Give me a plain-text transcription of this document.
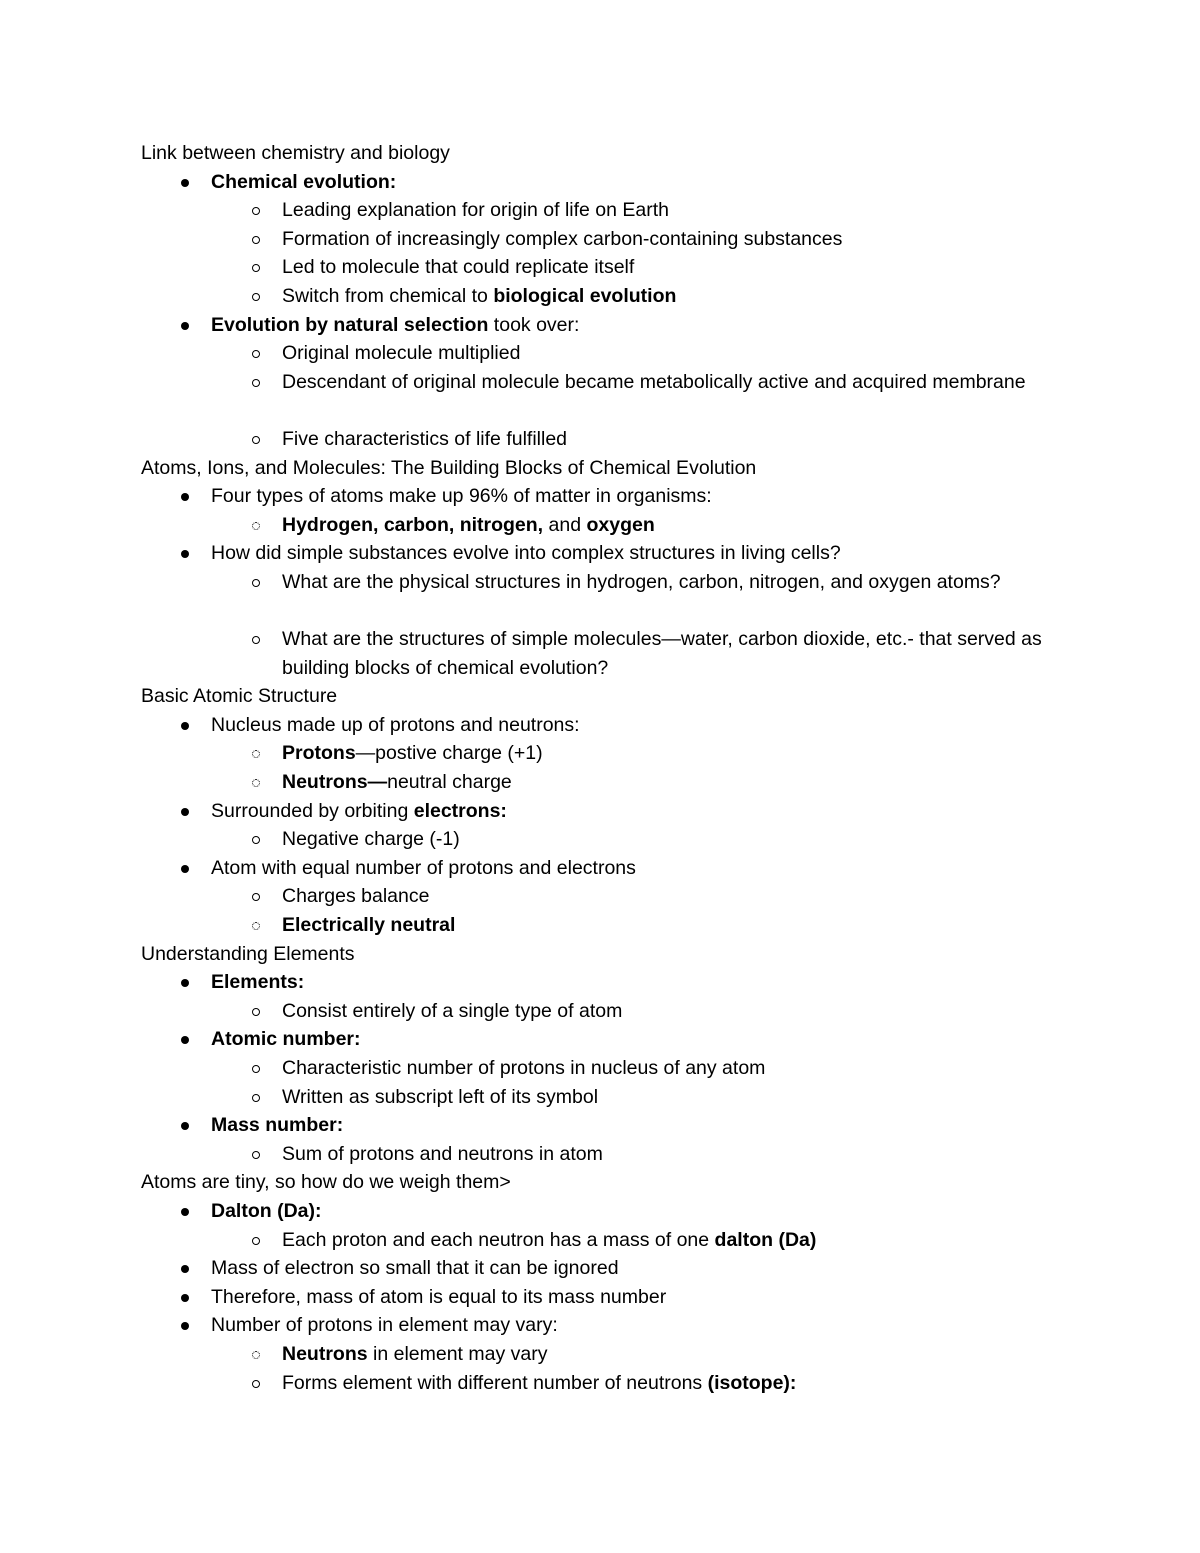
Link between chemistry and biology
Chemical evolution:
Leading explanation for origin of life on Earth
Formation of increasingly complex carbon-containing substances
Led to molecule that could replicate itself
Switch from chemical to biological evolution
Evolution by natural selection took over:
Original molecule multiplied
Descendant of original molecule became metabolically active and acquired membrane
Five characteristics of life fulfilled
Atoms, Ions, and Molecules: The Building Blocks of Chemical Evolution
Four types of atoms make up 96% of matter in organisms:
Hydrogen, carbon, nitrogen, and oxygen
How did simple substances evolve into complex structures in living cells?
What are the physical structures in hydrogen, carbon, nitrogen, and oxygen atoms?
What are the structures of simple molecules—water, carbon dioxide, etc.- that served as building blocks of chemical evolution?
Basic Atomic Structure
Nucleus made up of protons and neutrons:
Protons—postive charge (+1)
Neutrons—neutral charge
Surrounded by orbiting electrons:
Negative charge (-1)
Atom with equal number of protons and electrons
Charges balance
Electrically neutral
Understanding Elements
Elements:
Consist entirely of a single type of atom
Atomic number:
Characteristic number of protons in nucleus of any atom
Written as subscript left of its symbol
Mass number:
Sum of protons and neutrons in atom
Atoms are tiny, so how do we weigh them>
Dalton (Da):
Each proton and each neutron has a mass of one dalton (Da)
Mass of electron so small that it can be ignored
Therefore, mass of atom is equal to its mass number
Number of protons in element may vary:
Neutrons in element may vary
Forms element with different number of neutrons (isotope):
